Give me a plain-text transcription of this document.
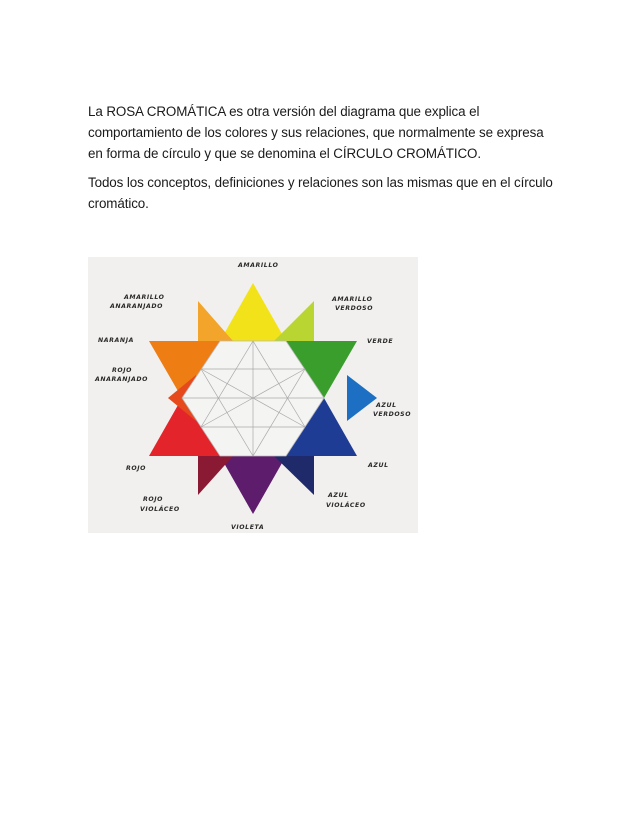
La ROSA CROMÁTICA es otra versión del diagrama que explica el comportamiento de los colores y sus relaciones, que normalmente se expresa en forma de círculo y que se denomina el CÍRCULO CROMÁTICO.

Todos los conceptos, definiciones y relaciones son las mismas que en el círculo cromático.

AMARILLO
AMARILLO
VERDOSO
VERDE
AZUL
VERDOSO
AZUL
AZUL
VIOLÁCEO
VIOLETA
ROJO
VIOLÁCEO
ROJO
ROJO
ANARANJADO
NARANJA
AMARILLO
ANARANJADO
